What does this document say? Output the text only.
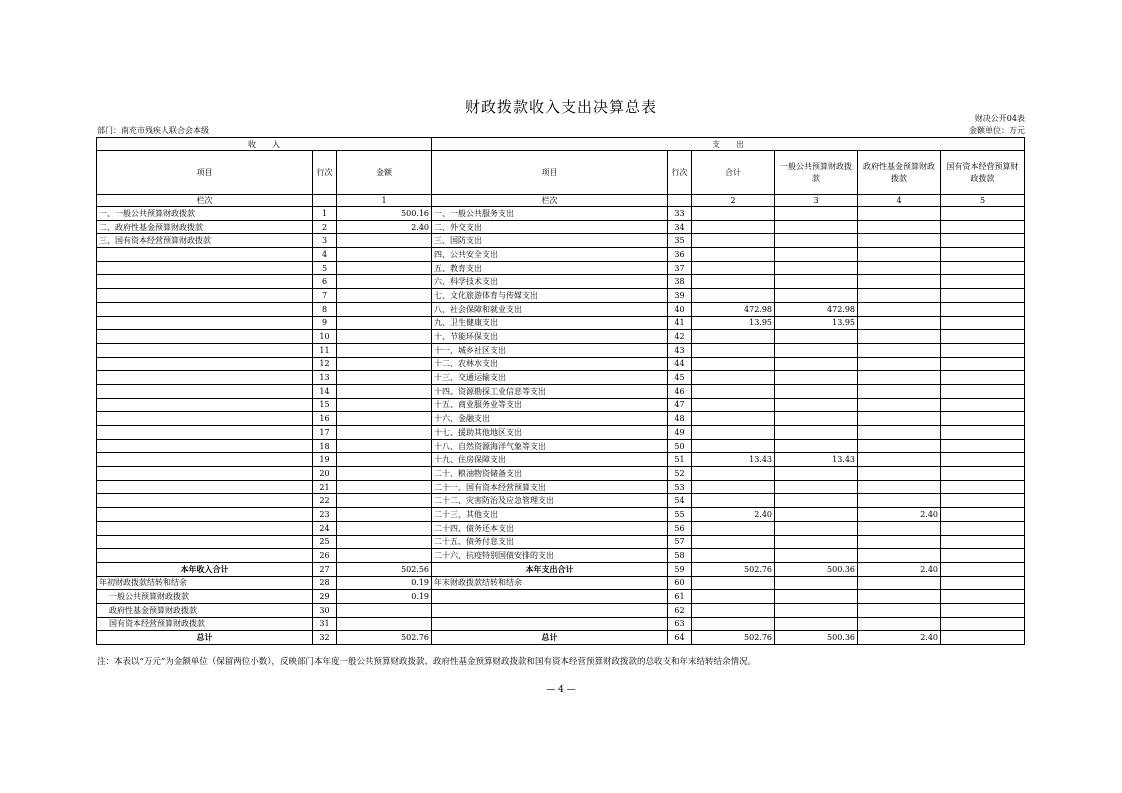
财政拨款收入支出决算总表
财决公开04表
部门：南充市残疾人联合会本级	金额单位：万元
收　　入			支　　出					
项目	行次	金额	项目	行次	合计	一般公共预算财政拨款	政府性基金预算财政拨款	国有资本经营预算财政拨款
栏次		1	栏次		2	3	4	5
一、一般公共预算财政拨款	1	500.16	一、一般公共服务支出	33				
二、政府性基金预算财政拨款	2	2.40	二、外交支出	34				
三、国有资本经营预算财政拨款	3		三、国防支出	35				
	4		四、公共安全支出	36				
	5		五、教育支出	37				
	6		六、科学技术支出	38				
	7		七、文化旅游体育与传媒支出	39				
	8		八、社会保障和就业支出	40	472.98	472.98		
	9		九、卫生健康支出	41	13.95	13.95		
	10		十、节能环保支出	42				
	11		十一、城乡社区支出	43				
	12		十二、农林水支出	44				
	13		十三、交通运输支出	45				
	14		十四、资源勘探工业信息等支出	46				
	15		十五、商业服务业等支出	47				
	16		十六、金融支出	48				
	17		十七、援助其他地区支出	49				
	18		十八、自然资源海洋气象等支出	50				
	19		十九、住房保障支出	51	13.43	13.43		
	20		二十、粮油物资储备支出	52				
	21		二十一、国有资本经营预算支出	53				
	22		二十二、灾害防治及应急管理支出	54				
	23		二十三、其他支出	55	2.40		2.40	
	24		二十四、债务还本支出	56				
	25		二十五、债务付息支出	57				
	26		二十六、抗疫特别国债安排的支出	58				
本年收入合计	27	502.56	本年支出合计	59	502.76	500.36	2.40	
年初财政拨款结转和结余	28	0.19	年末财政拨款结转和结余	60				
一般公共预算财政拨款	29	0.19		61				
政府性基金预算财政拨款	30			62				
国有资本经营预算财政拨款	31			63				
总计	32	502.76	总计	64	502.76	500.36	2.40	
注：本表以“万元”为金额单位（保留两位小数），反映部门本年度一般公共预算财政拨款、政府性基金预算财政拨款和国有资本经营预算财政拨款的总收支和年末结转结余情况。
— 4 —
